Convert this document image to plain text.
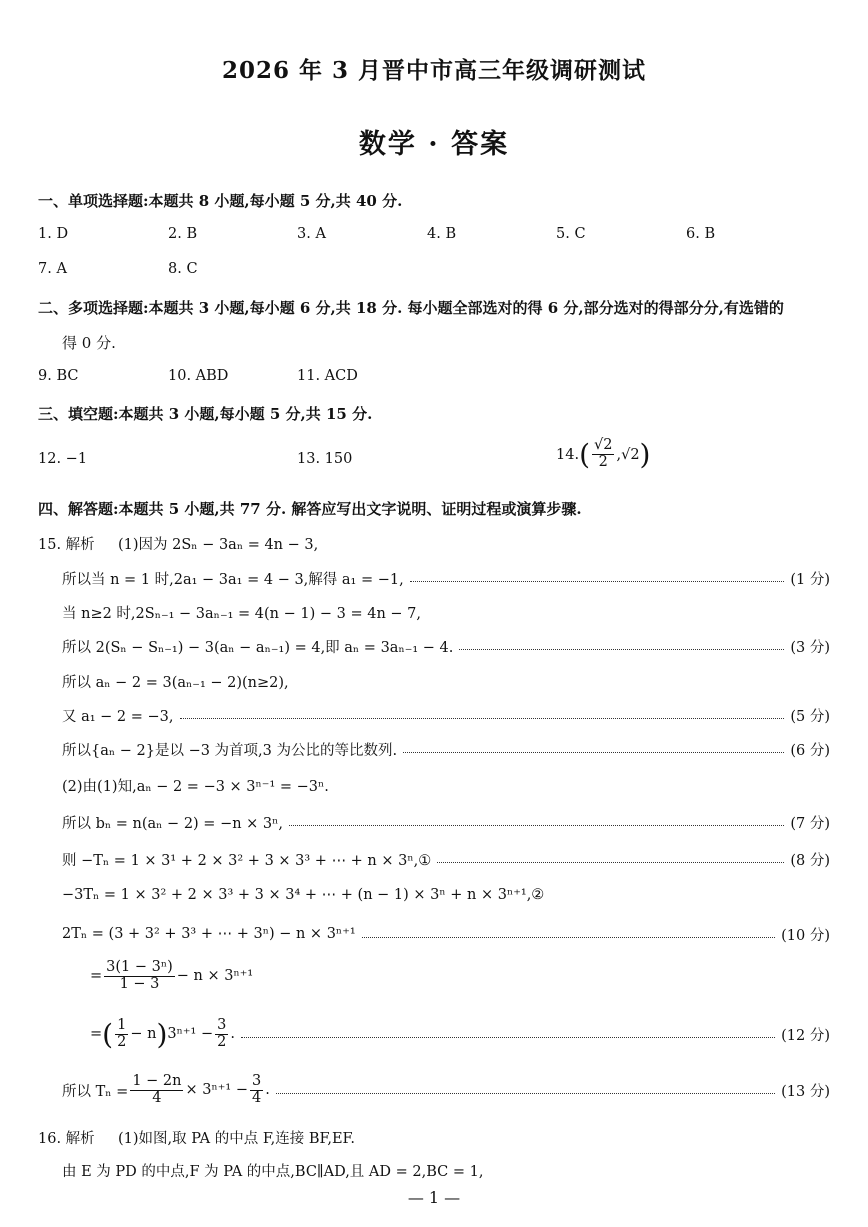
2026 年 3 月晋中市高三年级调研测试
数学 · 答案
一、单项选择题:本题共 8 小题,每小题 5 分,共 40 分.
1. D	2. B	3. A	4. B	5. C	6. B
7. A	8. C
二、多项选择题:本题共 3 小题,每小题 6 分,共 18 分. 每小题全部选对的得 6 分,部分选对的得部分分,有选错的
得 0 分.
9. BC	10. ABD	11. ACD
三、填空题:本题共 3 小题,每小题 5 分,共 15 分.
12. −1	13. 150	14. ( $\frac{√2}{2} ,√2$ )
四、解答题:本题共 5 小题,共 77 分. 解答应写出文字说明、证明过程或演算步骤.
15. 解析 (1)因为 2Sₙ − 3aₙ = 4n − 3,
所以当 n = 1 时,2a₁ − 3a₁ = 4 − 3,解得 a₁ = −1,	(1 分)
当 n≥2 时,2Sₙ₋₁ − 3aₙ₋₁ = 4(n − 1) − 3 = 4n − 7,
所以 2(Sₙ − Sₙ₋₁) − 3(aₙ − aₙ₋₁) = 4,即 aₙ = 3aₙ₋₁ − 4.	(3 分)
所以 aₙ − 2 = 3(aₙ₋₁ − 2)(n≥2),
又 a₁ − 2 = −3,	(5 分)
所以{aₙ − 2}是以 −3 为首项,3 为公比的等比数列.	(6 分)
(2)由(1)知,aₙ − 2 = −3 × 3ⁿ⁻¹ = −3ⁿ.
所以 bₙ = n(aₙ − 2) = −n × 3ⁿ,	(7 分)
则 −Tₙ = 1 × 3¹ + 2 × 3² + 3 × 3³ + ⋯ + n × 3ⁿ,①	(8 分)
−3Tₙ = 1 × 3² + 2 × 3³ + 3 × 3⁴ + ⋯ + (n − 1) × 3ⁿ + n × 3ⁿ⁺¹,②
2Tₙ = (3 + 3² + 3³ + ⋯ + 3ⁿ) − n × 3ⁿ⁺¹	(10 分)
= $\frac{\text{3(1 − 3ⁿ)}}{1 - 3} - n \times 3^{n+1}$
= ( $\frac{1}{2} - n$ ) $3^{n+1} - \frac{3}{2}$ .	(12 分)
所以 $T_n = \frac{1 - 2n}{4} \times 3^{n+1} - \frac{3}{4}$ .	(13 分)
16. 解析 (1)如图,取 PA 的中点 F,连接 BF,EF.
由 E 为 PD 的中点,F 为 PA 的中点,BC∥AD,且 AD = 2,BC = 1,
— 1 —
